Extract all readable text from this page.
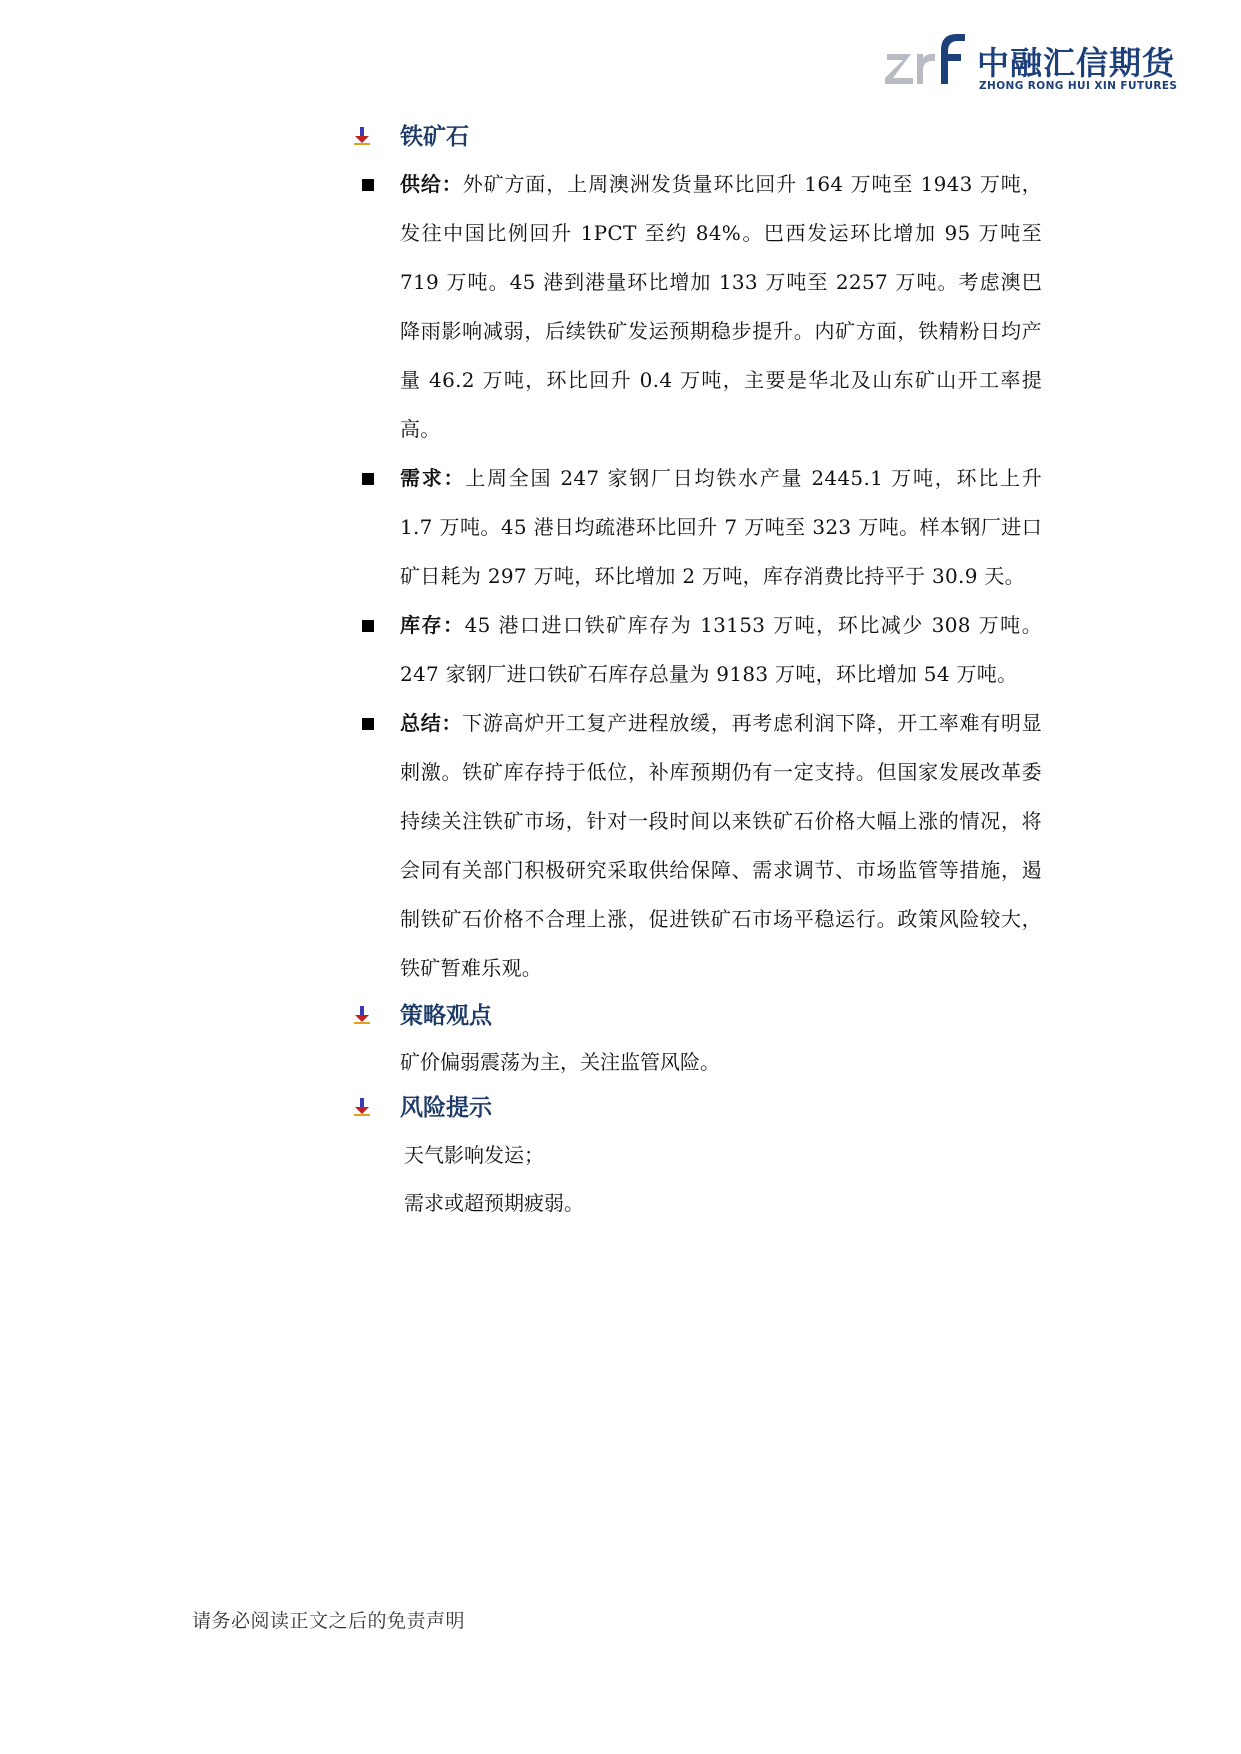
中融汇信期货
ZHONG RONG HUI XIN FUTURES
铁矿石

供给：外矿方面，上周澳洲发货量环比回升 164 万吨至 1943 万吨，发往中国比例回升 1PCT 至约 84%。巴西发运环比增加 95 万吨至 719 万吨。45 港到港量环比增加 133 万吨至 2257 万吨。考虑澳巴降雨影响减弱，后续铁矿发运预期稳步提升。内矿方面，铁精粉日均产量 46.2 万吨，环比回升 0.4 万吨，主要是华北及山东矿山开工率提高。

需求：上周全国 247 家钢厂日均铁水产量 2445.1 万吨，环比上升 1.7 万吨。45 港日均疏港环比回升 7 万吨至 323 万吨。样本钢厂进口矿日耗为 297 万吨，环比增加 2 万吨，库存消费比持平于 30.9 天。

库存：45 港口进口铁矿库存为 13153 万吨，环比减少 308 万吨。247 家钢厂进口铁矿石库存总量为 9183 万吨，环比增加 54 万吨。

总结：下游高炉开工复产进程放缓，再考虑利润下降，开工率难有明显刺激。铁矿库存持于低位，补库预期仍有一定支持。但国家发展改革委持续关注铁矿市场，针对一段时间以来铁矿石价格大幅上涨的情况，将会同有关部门积极研究采取供给保障、需求调节、市场监管等措施，遏制铁矿石价格不合理上涨，促进铁矿石市场平稳运行。政策风险较大，铁矿暂难乐观。

策略观点

矿价偏弱震荡为主，关注监管风险。

风险提示

天气影响发运；

需求或超预期疲弱。

请务必阅读正文之后的免责声明
